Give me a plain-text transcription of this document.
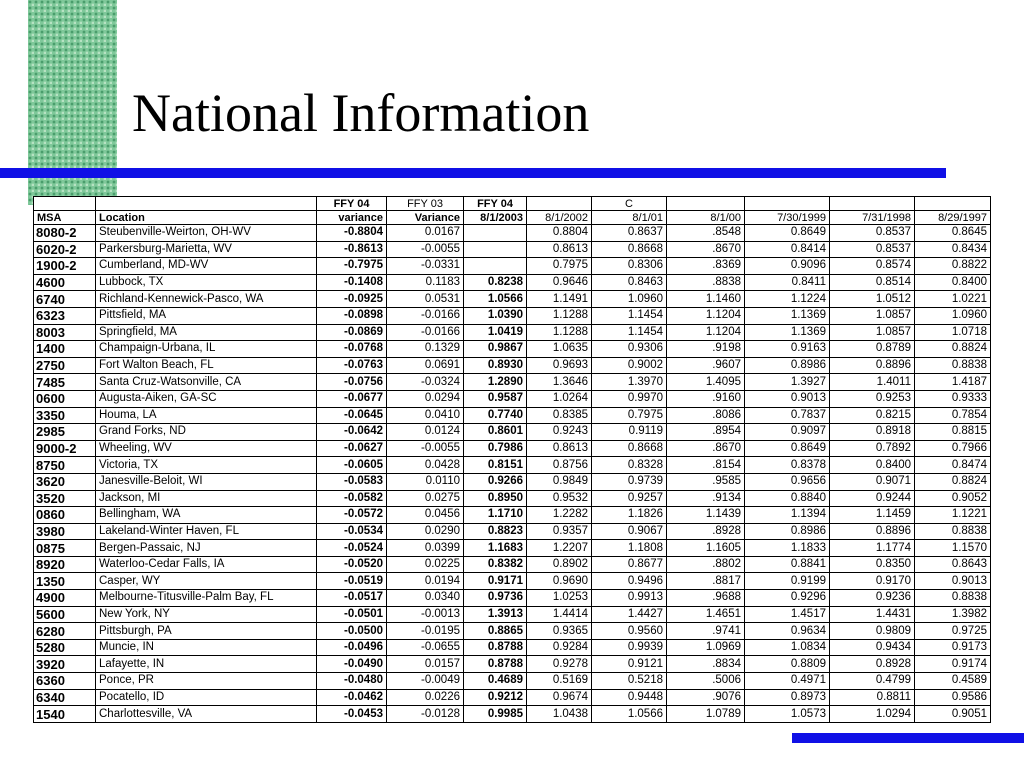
National Information
		FFY 04	FFY 03	FFY 04		C				
MSA	Location	variance	Variance	8/1/2003	8/1/2002	8/1/01	8/1/00	7/30/1999	7/31/1998	8/29/1997
8080-2	Steubenville-Weirton, OH-WV	-0.8804	0.0167		0.8804	0.8637	.8548	0.8649	0.8537	0.8645
6020-2	Parkersburg-Marietta, WV	-0.8613	-0.0055		0.8613	0.8668	.8670	0.8414	0.8537	0.8434
1900-2	Cumberland, MD-WV	-0.7975	-0.0331		0.7975	0.8306	.8369	0.9096	0.8574	0.8822
4600	Lubbock, TX	-0.1408	0.1183	0.8238	0.9646	0.8463	.8838	0.8411	0.8514	0.8400
6740	Richland-Kennewick-Pasco, WA	-0.0925	0.0531	1.0566	1.1491	1.0960	1.1460	1.1224	1.0512	1.0221
6323	Pittsfield, MA	-0.0898	-0.0166	1.0390	1.1288	1.1454	1.1204	1.1369	1.0857	1.0960
8003	Springfield, MA	-0.0869	-0.0166	1.0419	1.1288	1.1454	1.1204	1.1369	1.0857	1.0718
1400	Champaign-Urbana, IL	-0.0768	0.1329	0.9867	1.0635	0.9306	.9198	0.9163	0.8789	0.8824
2750	Fort Walton Beach, FL	-0.0763	0.0691	0.8930	0.9693	0.9002	.9607	0.8986	0.8896	0.8838
7485	Santa Cruz-Watsonville, CA	-0.0756	-0.0324	1.2890	1.3646	1.3970	1.4095	1.3927	1.4011	1.4187
0600	Augusta-Aiken, GA-SC	-0.0677	0.0294	0.9587	1.0264	0.9970	.9160	0.9013	0.9253	0.9333
3350	Houma, LA	-0.0645	0.0410	0.7740	0.8385	0.7975	.8086	0.7837	0.8215	0.7854
2985	Grand Forks, ND	-0.0642	0.0124	0.8601	0.9243	0.9119	.8954	0.9097	0.8918	0.8815
9000-2	Wheeling, WV	-0.0627	-0.0055	0.7986	0.8613	0.8668	.8670	0.8649	0.7892	0.7966
8750	Victoria, TX	-0.0605	0.0428	0.8151	0.8756	0.8328	.8154	0.8378	0.8400	0.8474
3620	Janesville-Beloit, WI	-0.0583	0.0110	0.9266	0.9849	0.9739	.9585	0.9656	0.9071	0.8824
3520	Jackson, MI	-0.0582	0.0275	0.8950	0.9532	0.9257	.9134	0.8840	0.9244	0.9052
0860	Bellingham, WA	-0.0572	0.0456	1.1710	1.2282	1.1826	1.1439	1.1394	1.1459	1.1221
3980	Lakeland-Winter Haven, FL	-0.0534	0.0290	0.8823	0.9357	0.9067	.8928	0.8986	0.8896	0.8838
0875	Bergen-Passaic, NJ	-0.0524	0.0399	1.1683	1.2207	1.1808	1.1605	1.1833	1.1774	1.1570
8920	Waterloo-Cedar Falls, IA	-0.0520	0.0225	0.8382	0.8902	0.8677	.8802	0.8841	0.8350	0.8643
1350	Casper, WY	-0.0519	0.0194	0.9171	0.9690	0.9496	.8817	0.9199	0.9170	0.9013
4900	Melbourne-Titusville-Palm Bay, FL	-0.0517	0.0340	0.9736	1.0253	0.9913	.9688	0.9296	0.9236	0.8838
5600	New York, NY	-0.0501	-0.0013	1.3913	1.4414	1.4427	1.4651	1.4517	1.4431	1.3982
6280	Pittsburgh, PA	-0.0500	-0.0195	0.8865	0.9365	0.9560	.9741	0.9634	0.9809	0.9725
5280	Muncie, IN	-0.0496	-0.0655	0.8788	0.9284	0.9939	1.0969	1.0834	0.9434	0.9173
3920	Lafayette, IN	-0.0490	0.0157	0.8788	0.9278	0.9121	.8834	0.8809	0.8928	0.9174
6360	Ponce, PR	-0.0480	-0.0049	0.4689	0.5169	0.5218	.5006	0.4971	0.4799	0.4589
6340	Pocatello, ID	-0.0462	0.0226	0.9212	0.9674	0.9448	.9076	0.8973	0.8811	0.9586
1540	Charlottesville, VA	-0.0453	-0.0128	0.9985	1.0438	1.0566	1.0789	1.0573	1.0294	0.9051
